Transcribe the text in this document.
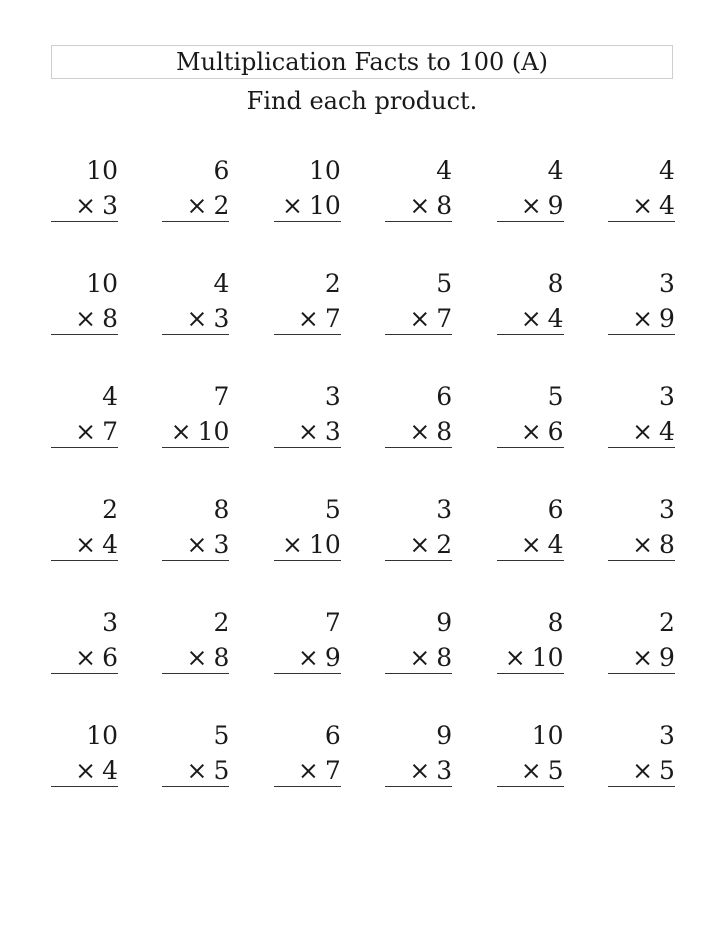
Multiplication Facts to 100 (A)
Find each product.
10
× 3
6
× 2
10
× 10
4
× 8
4
× 9
4
× 4
10
× 8
4
× 3
2
× 7
5
× 7
8
× 4
3
× 9
4
× 7
7
× 10
3
× 3
6
× 8
5
× 6
3
× 4
2
× 4
8
× 3
5
× 10
3
× 2
6
× 4
3
× 8
3
× 6
2
× 8
7
× 9
9
× 8
8
× 10
2
× 9
10
× 4
5
× 5
6
× 7
9
× 3
10
× 5
3
× 5
